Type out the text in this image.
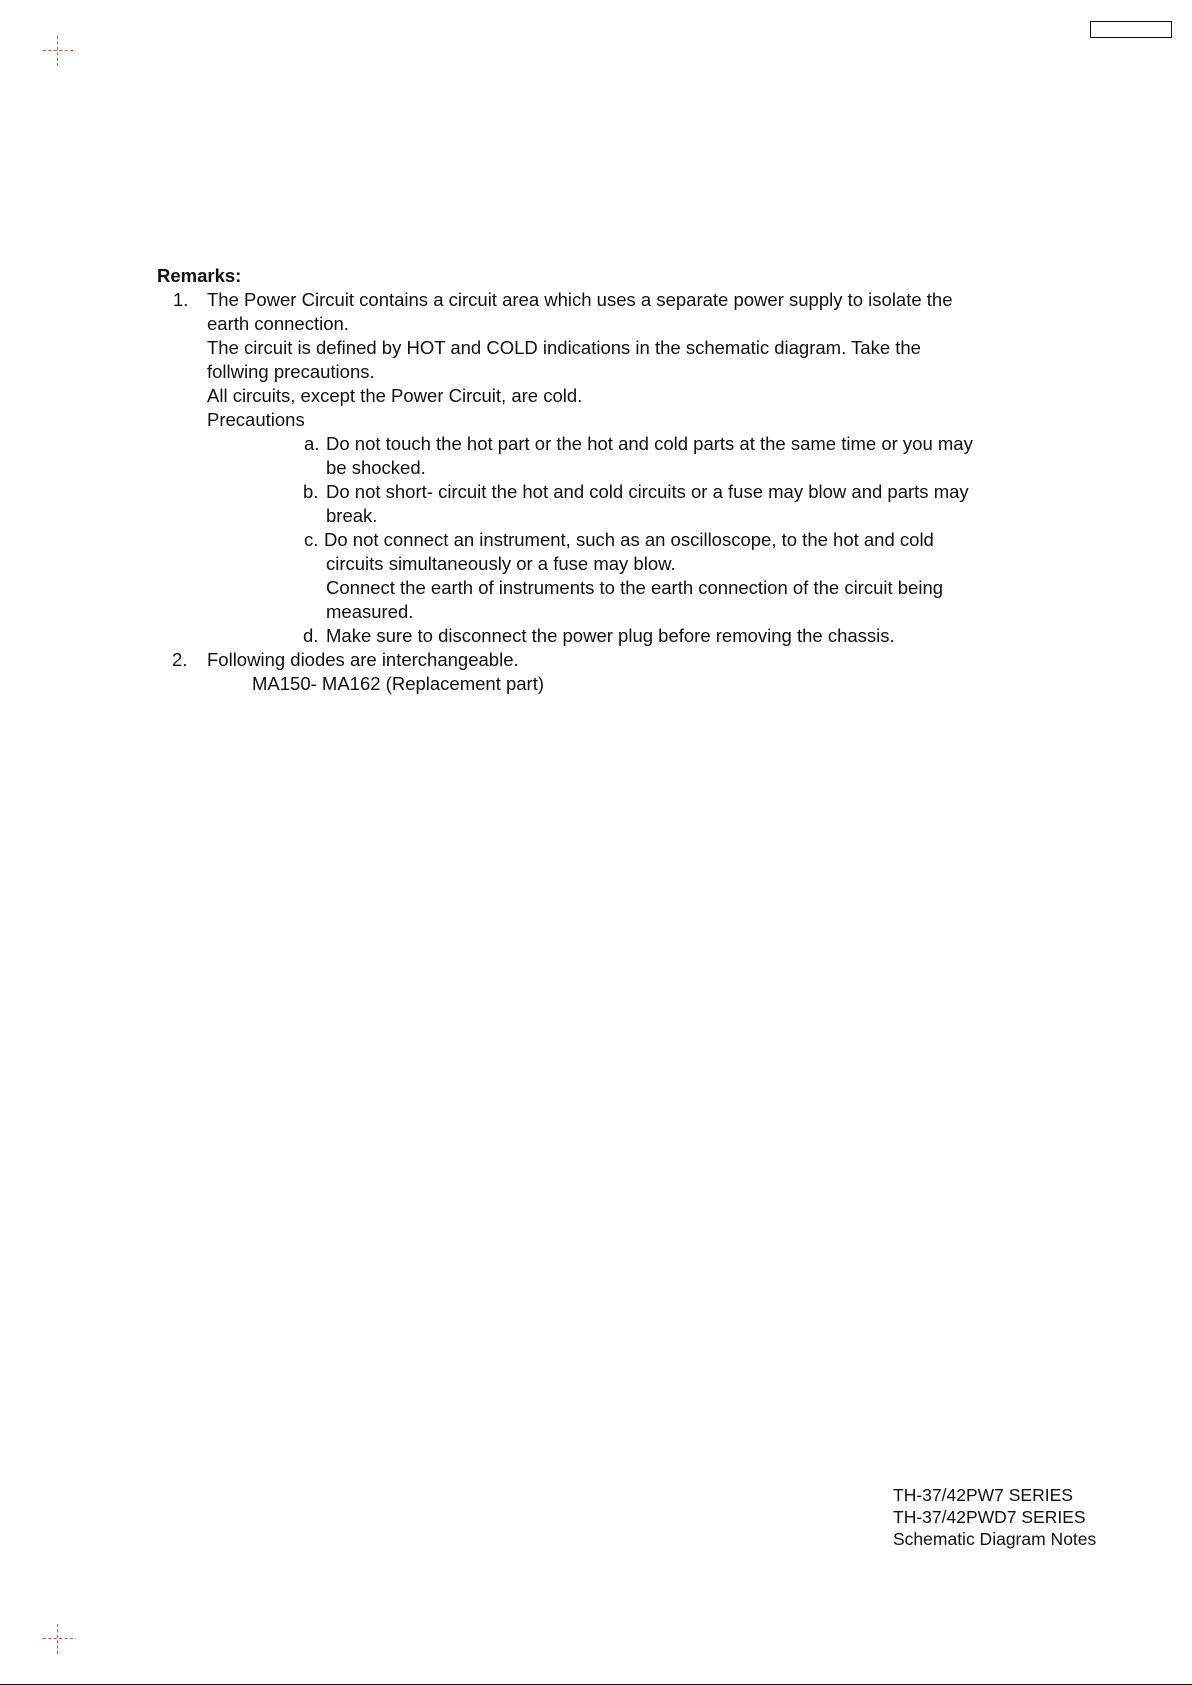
Remarks:
1. The Power Circuit contains a circuit area which uses a separate power supply to isolate the
earth connection.
The circuit is defined by HOT and COLD indications in the schematic diagram. Take the
follwing precautions.
All circuits, except the Power Circuit, are cold.
Precautions
a. Do not touch the hot part or the hot and cold parts at the same time or you may
be shocked.
b. Do not short- circuit the hot and cold circuits or a fuse may blow and parts may
break.
c. Do not connect an instrument, such as an oscilloscope, to the hot and cold
circuits simultaneously or a fuse may blow.
Connect the earth of instruments to the earth connection of the circuit being
measured.
d. Make sure to disconnect the power plug before removing the chassis.
2. Following diodes are interchangeable.
MA150- MA162 (Replacement part)
TH-37/42PW7 SERIES
TH-37/42PWD7 SERIES
Schematic Diagram Notes
